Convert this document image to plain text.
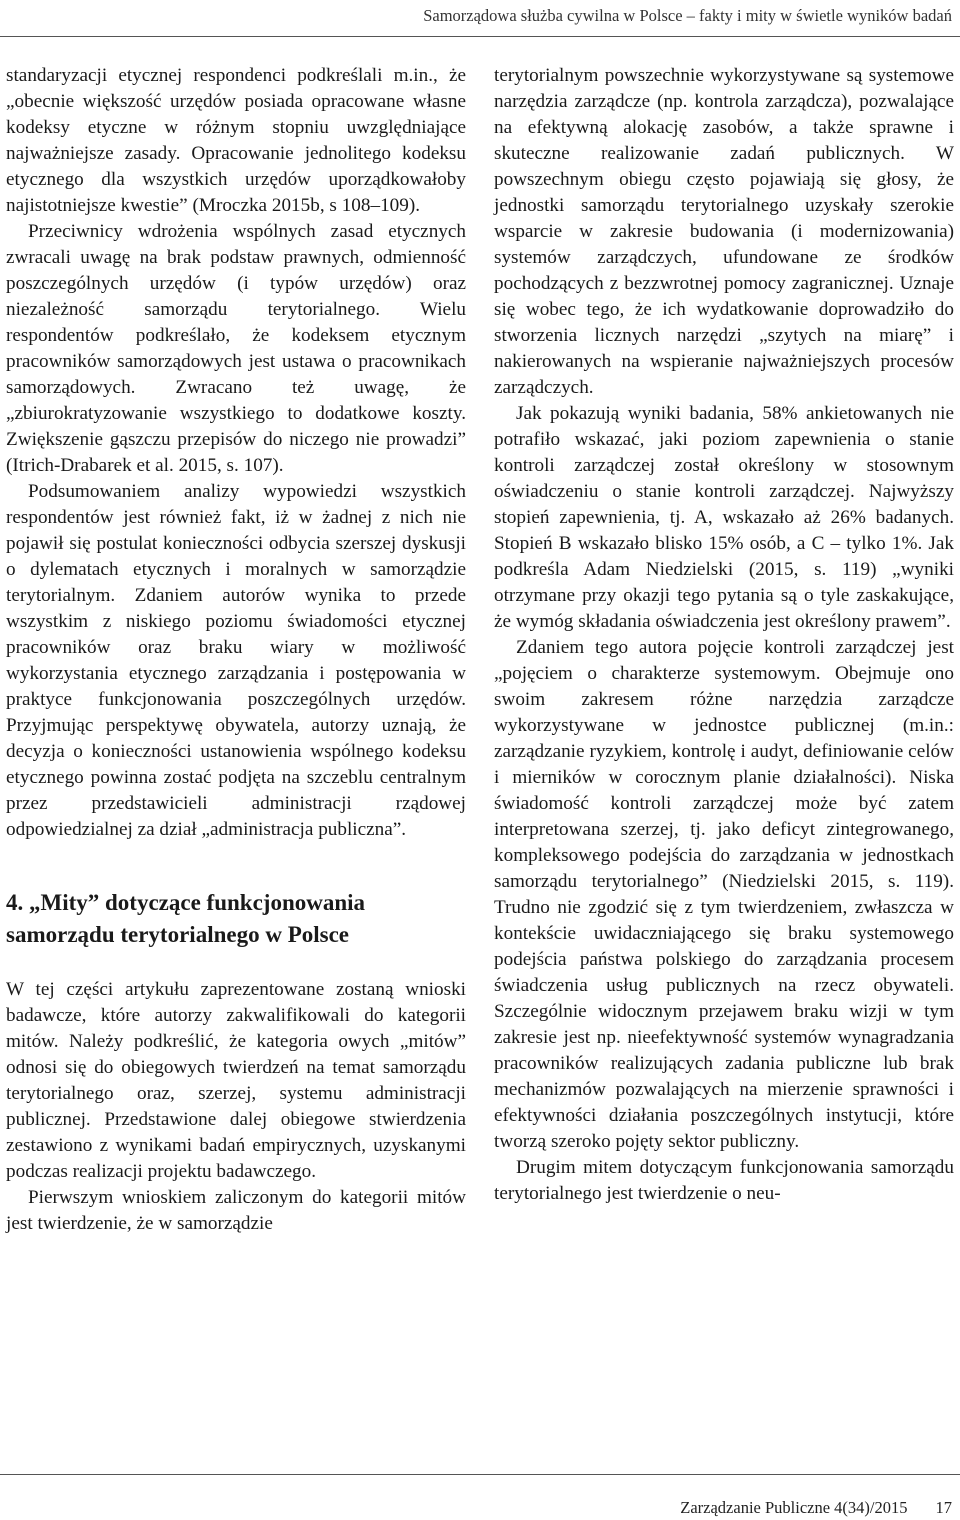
Samorządowa służba cywilna w Polsce – fakty i mity w świetle wyników badań

standaryzacji etycznej respondenci podkreślali m.in., że „obecnie większość urzędów posiada opracowane własne kodeksy etyczne w różnym stopniu uwzględniające najważniejsze zasady. Opracowanie jednolitego kodeksu etycznego dla wszystkich urzędów uporządkowałoby najistotniejsze kwestie” (Mroczka 2015b, s 108–109).

Przeciwnicy wdrożenia wspólnych zasad etycznych zwracali uwagę na brak podstaw prawnych, odmienność poszczególnych urzędów (i typów urzędów) oraz niezależność samorządu terytorialnego. Wielu respondentów podkreślało, że kodeksem etycznym pracowników samorządowych jest ustawa o pracownikach samorządowych. Zwracano też uwagę, że „zbiurokratyzowanie wszystkiego to dodatkowe koszty. Zwiększenie gąszczu przepisów do niczego nie prowadzi” (Itrich-Drabarek et al. 2015, s. 107).

Podsumowaniem analizy wypowiedzi wszystkich respondentów jest również fakt, iż w żadnej z nich nie pojawił się postulat konieczności odbycia szerszej dyskusji o dylematach etycznych i moralnych w samorządzie terytorialnym. Zdaniem autorów wynika to przede wszystkim z niskiego poziomu świadomości etycznej pracowników oraz braku wiary w możliwość wykorzystania etycznego zarządzania i postępowania w praktyce funkcjonowania poszczególnych urzędów. Przyjmując perspektywę obywatela, autorzy uznają, że decyzja o konieczności ustanowienia wspólnego kodeksu etycznego powinna zostać podjęta na szczeblu centralnym przez przedstawicieli administracji rządowej odpowiedzialnej za dział „administracja publiczna”.

4. „Mity” dotyczące funkcjonowania samorządu terytorialnego w Polsce

W tej części artykułu zaprezentowane zostaną wnioski badawcze, które autorzy zakwalifikowali do kategorii mitów. Należy podkreślić, że kategoria owych „mitów” odnosi się do obiegowych twierdzeń na temat samorządu terytorialnego oraz, szerzej, systemu administracji publicznej. Przedstawione dalej obiegowe stwierdzenia zestawiono z wynikami badań empirycznych, uzyskanymi podczas realizacji projektu badawczego.

Pierwszym wnioskiem zaliczonym do kategorii mitów jest twierdzenie, że w samorządzie

terytorialnym powszechnie wykorzystywane są systemowe narzędzia zarządcze (np. kontrola zarządcza), pozwalające na efektywną alokację zasobów, a także sprawne i skuteczne realizowanie zadań publicznych. W powszechnym obiegu często pojawiają się głosy, że jednostki samorządu terytorialnego uzyskały szerokie wsparcie w zakresie budowania (i modernizowania) systemów zarządczych, ufundowane ze środków pochodzących z bezzwrotnej pomocy zagranicznej. Uznaje się wobec tego, że ich wydatkowanie doprowadziło do stworzenia licznych narzędzi „szytych na miarę” i nakierowanych na wspieranie najważniejszych procesów zarządczych.

Jak pokazują wyniki badania, 58% ankietowanych nie potrafiło wskazać, jaki poziom zapewnienia o stanie kontroli zarządczej został określony w stosownym oświadczeniu o stanie kontroli zarządczej. Najwyższy stopień zapewnienia, tj. A, wskazało aż 26% badanych. Stopień B wskazało blisko 15% osób, a C – tylko 1%. Jak podkreśla Adam Niedzielski (2015, s. 119) „wyniki otrzymane przy okazji tego pytania są o tyle zaskakujące, że wymóg składania oświadczenia jest określony prawem”.

Zdaniem tego autora pojęcie kontroli zarządczej jest „pojęciem o charakterze systemowym. Obejmuje ono swoim zakresem różne narzędzia zarządcze wykorzystywane w jednostce publicznej (m.in.: zarządzanie ryzykiem, kontrolę i audyt, definiowanie celów i mierników w corocznym planie działalności). Niska świadomość kontroli zarządczej może być zatem interpretowana szerzej, tj. jako deficyt zintegrowanego, kompleksowego podejścia do zarządzania w jednostkach samorządu terytorialnego” (Niedzielski 2015, s. 119). Trudno nie zgodzić się z tym twierdzeniem, zwłaszcza w kontekście uwidaczniającego się braku systemowego podejścia państwa polskiego do zarządzania procesem świadczenia usług publicznych na rzecz obywateli. Szczególnie widocznym przejawem braku wizji w tym zakresie jest np. nieefektywność systemów wynagradzania pracowników realizujących zadania publiczne lub brak mechanizmów pozwalających na mierzenie sprawności i efektywności działania poszczególnych instytucji, które tworzą szeroko pojęty sektor publiczny.

Drugim mitem dotyczącym funkcjonowania samorządu terytorialnego jest twierdzenie o neu-

Zarządzanie Publiczne 4(34)/2015 17
